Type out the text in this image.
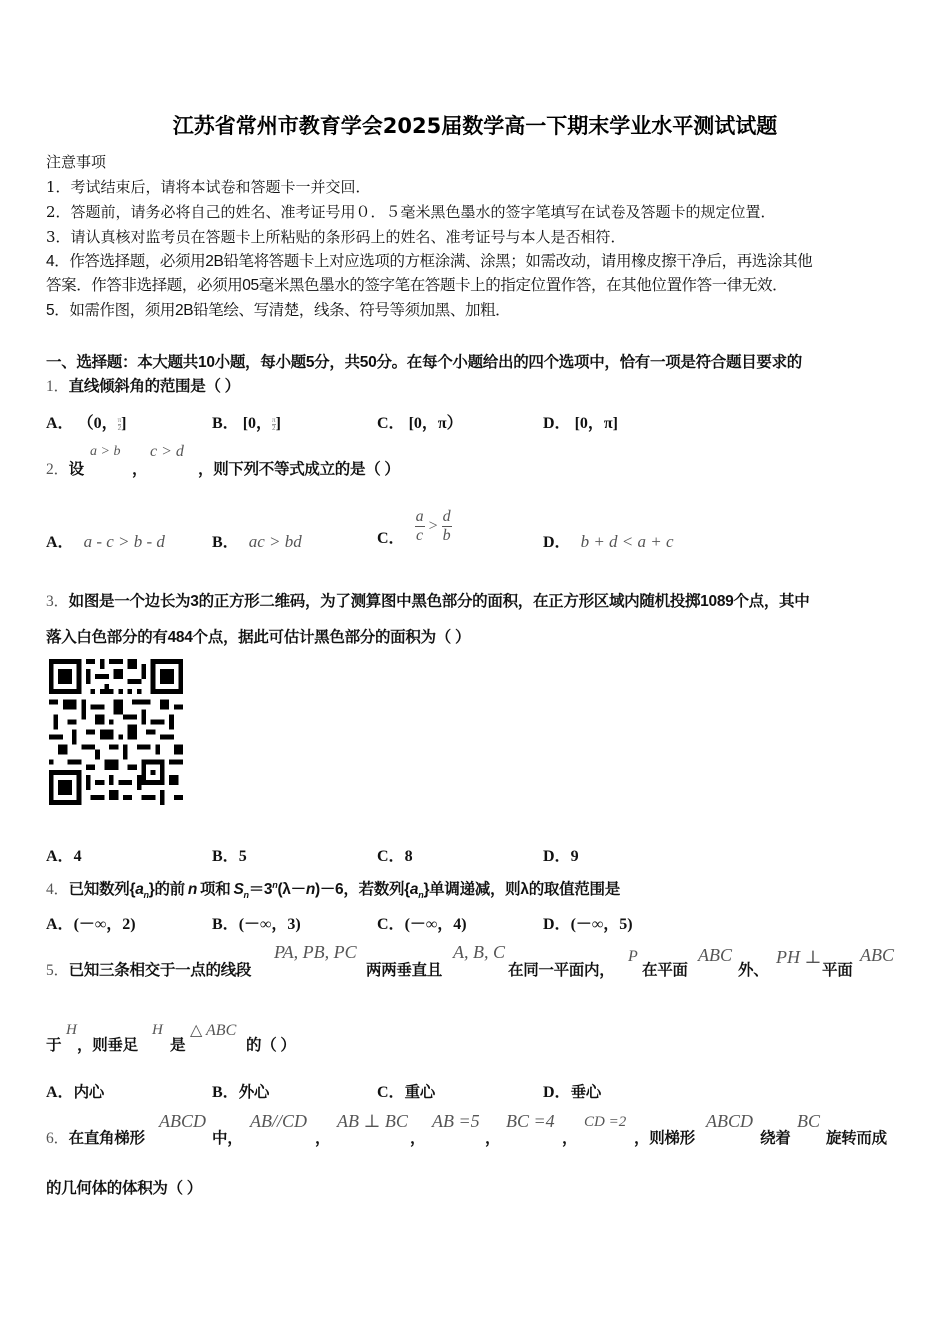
江苏省常州市教育学会2025届数学高一下期末学业水平测试试题
注意事项
1．考试结束后，请将本试卷和答题卡一并交回．
2．答题前，请务必将自己的姓名、准考证号用０．５毫米黑色墨水的签字笔填写在试卷及答题卡的规定位置．
3．请认真核对监考员在答题卡上所粘贴的条形码上的姓名、准考证号与本人是否相符．
4．作答选择题，必须用2B铅笔将答题卡上对应选项的方框涂满、涂黑；如需改动，请用橡皮擦干净后，再选涂其他
答案．作答非选择题，必须用05毫米黑色墨水的签字笔在答题卡上的指定位置作答，在其他位置作答一律无效．
5．如需作图，须用2B铅笔绘、写清楚，线条、符号等须加黑、加粗．
一、选择题：本大题共10小题，每小题5分，共50分。在每个小题给出的四个选项中，恰有一项是符合题目要求的
1．直线倾斜角的范围是（ ）
A． （0， $\frac{\pi}{2}$ ]	B． [0， $\frac{\pi}{2}$ ]	C． [0，π）	D． [0，π]
2．设
a > b
，
c > d
，则下列不等式成立的是（ ）
A． a - c > b - d	B． ac > bd	C． $\frac{a}{c} > \frac{d}{b}$	D． b + d < a + c
3．如图是一个边长为3的正方形二维码，为了测算图中黑色部分的面积，在正方形区域内随机投掷1089个点，其中
落入白色部分的有484个点，据此可估计黑色部分的面积为（ ）
A．4	B．5	C．8	D．9
4．已知数列$\{a_n\}$的前 n 项和 $S_n=3^n(\lambda-n)-6$，若数列$\{a_n\}$单调递减，则λ的取值范围是
A．(－∞，2)	B．(－∞，3)	C．(－∞，4)	D．(－∞，5)
5．已知三条相交于一点的线段
PA, PB, PC
两两垂直且
A, B, C
在同一平面内，
P
在平面
ABC
外、
PH ⊥
平面
ABC
于
H
，则垂足
H
是
△ ABC
的（ ）
A．内心	B．外心	C．重心	D．垂心
6．在直角梯形
ABCD
中，
AB//CD
，
AB ⊥ BC
，
AB =5
，
BC =4
，
CD =2
，则梯形
ABCD
绕着
BC
旋转而成
的几何体的体积为（ ）
